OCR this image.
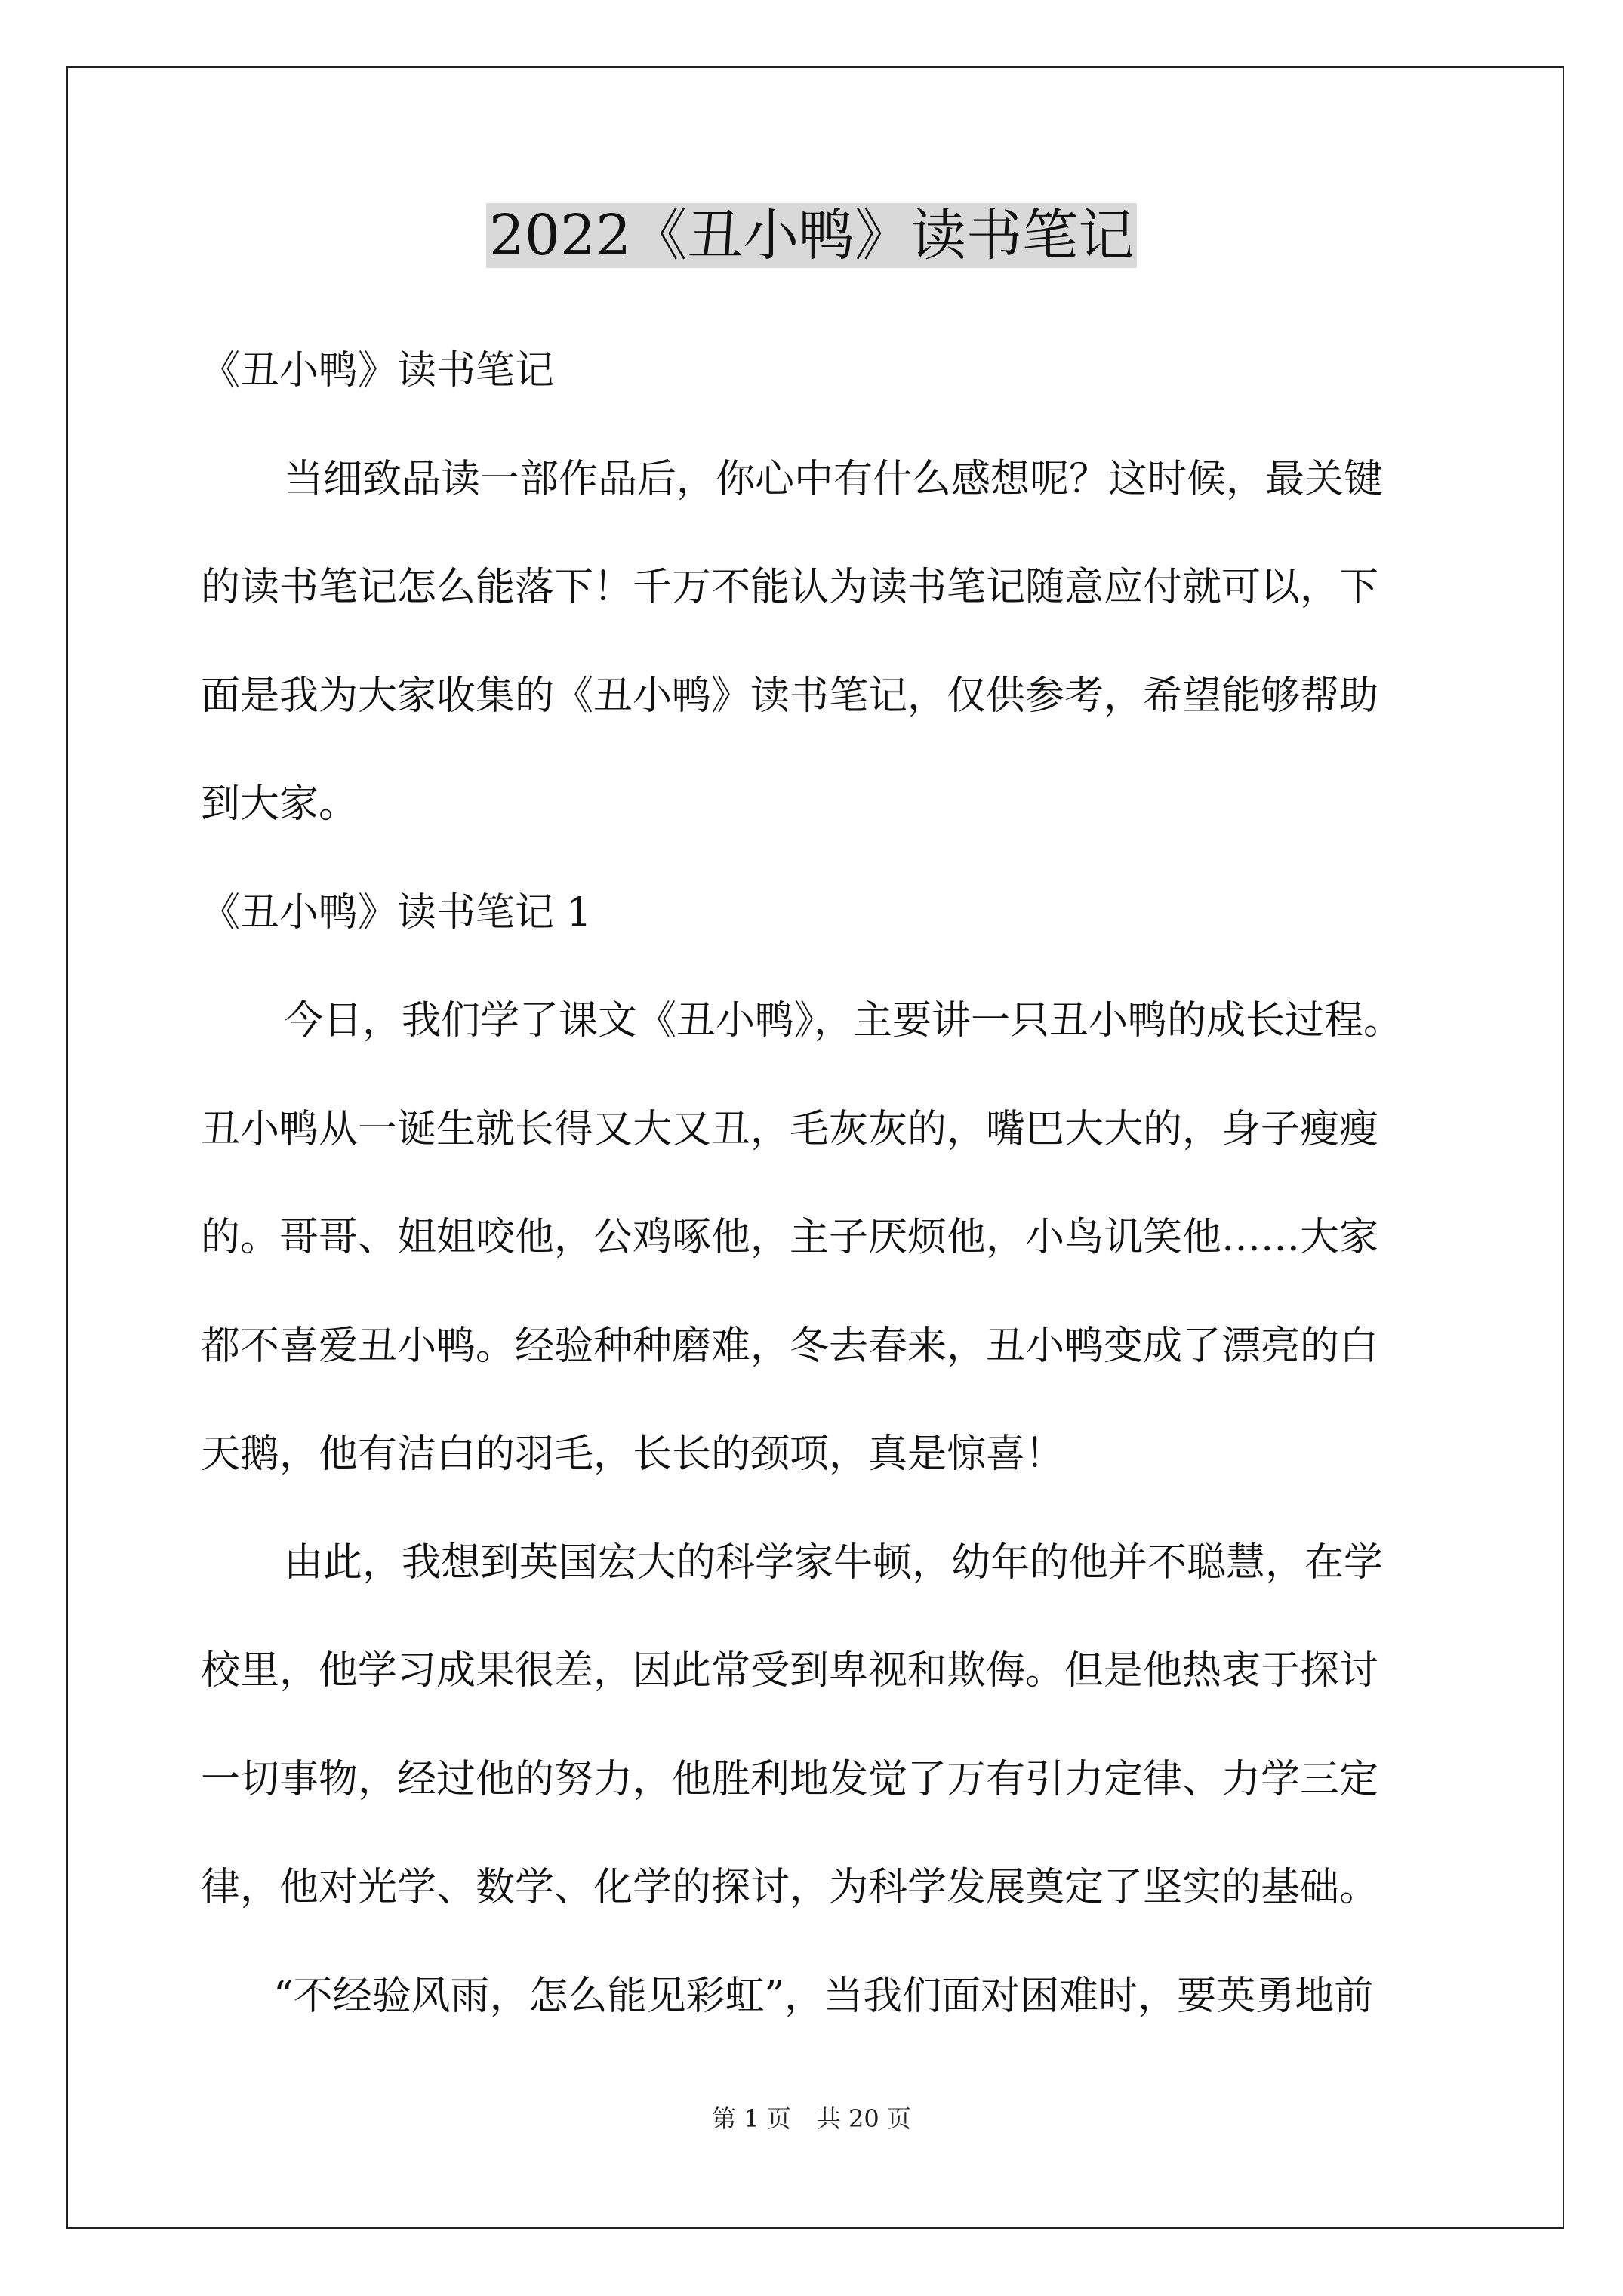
2022《丑小鸭》读书笔记
《丑小鸭》读书笔记
当细致品读一部作品后，你心中有什么感想呢？这时候，最关键
的读书笔记怎么能落下！千万不能认为读书笔记随意应付就可以，下
面是我为大家收集的《丑小鸭》读书笔记，仅供参考，希望能够帮助
到大家。
《丑小鸭》读书笔记 1
今日，我们学了课文《丑小鸭》，主要讲一只丑小鸭的成长过程。
丑小鸭从一诞生就长得又大又丑，毛灰灰的，嘴巴大大的，身子瘦瘦
的。哥哥、姐姐咬他，公鸡啄他，主子厌烦他，小鸟讥笑他……大家
都不喜爱丑小鸭。经验种种磨难，冬去春来，丑小鸭变成了漂亮的白
天鹅，他有洁白的羽毛，长长的颈项，真是惊喜！
由此，我想到英国宏大的科学家牛顿，幼年的他并不聪慧，在学
校里，他学习成果很差，因此常受到卑视和欺侮。但是他热衷于探讨
一切事物，经过他的努力，他胜利地发觉了万有引力定律、力学三定
律，他对光学、数学、化学的探讨，为科学发展奠定了坚实的基础。
“不经验风雨，怎么能见彩虹”，当我们面对困难时，要英勇地前
第 1 页 共 20 页
